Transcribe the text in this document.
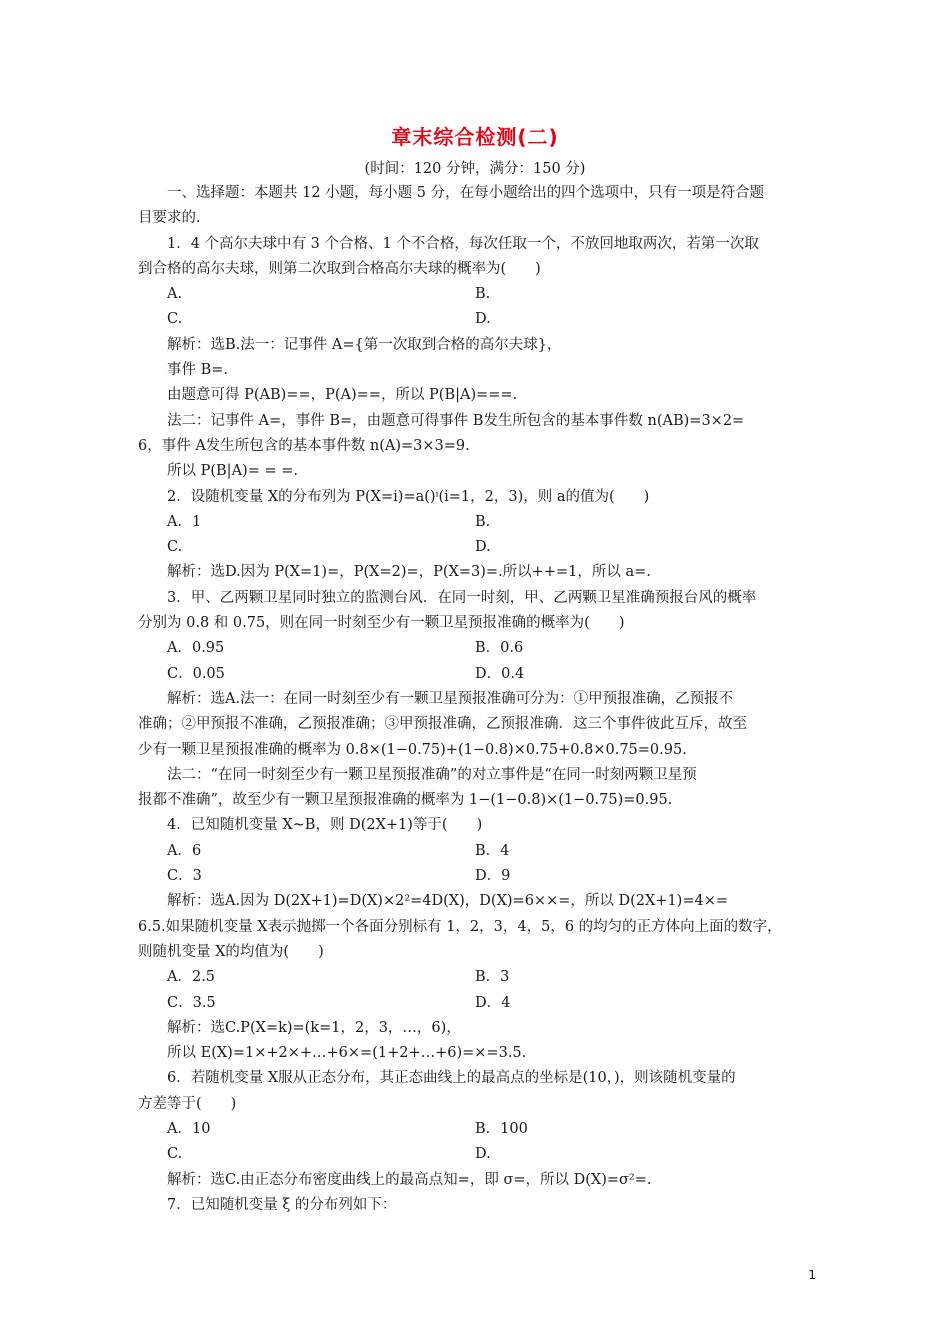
章末综合检测(二)
(时间：120 分钟，满分：150 分)
一、选择题：本题共 12 小题，每小题 5 分，在每小题给出的四个选项中，只有一项是符合题
目要求的.
1．4 个高尔夫球中有 3 个合格、1 个不合格，每次任取一个，不放回地取两次，若第一次取
到合格的高尔夫球，则第二次取到合格高尔夫球的概率为(　　)
A.	B.
C.	D.
解析：选B.法一：记事件 A={第一次取到合格的高尔夫球}，
事件 B=.
由题意可得 P(AB)==，P(A)==，所以 P(B|A)===.
法二：记事件 A=，事件 B=，由题意可得事件 B发生所包含的基本事件数 n(AB)=3×2=
6，事件 A发生所包含的基本事件数 n(A)=3×3=9.
所以 P(B|A)= = =.
2．设随机变量 X的分布列为 P(X=i)=a()ⁱ(i=1，2，3)，则 a的值为(　　)
A．1	B.
C.	D.
解析：选D.因为 P(X=1)=，P(X=2)=，P(X=3)=.所以++=1，所以 a=.
3．甲、乙两颗卫星同时独立的监测台风．在同一时刻，甲、乙两颗卫星准确预报台风的概率
分别为 0.8 和 0.75，则在同一时刻至少有一颗卫星预报准确的概率为(　　)
A．0.95	B．0.6
C．0.05	D．0.4
解析：选A.法一：在同一时刻至少有一颗卫星预报准确可分为：①甲预报准确，乙预报不
准确；②甲预报不准确，乙预报准确；③甲预报准确，乙预报准确．这三个事件彼此互斥，故至
少有一颗卫星预报准确的概率为 0.8×(1−0.75)+(1−0.8)×0.75+0.8×0.75=0.95.
法二：“在同一时刻至少有一颗卫星预报准确”的对立事件是“在同一时刻两颗卫星预
报都不准确”，故至少有一颗卫星预报准确的概率为 1−(1−0.8)×(1−0.75)=0.95.
4．已知随机变量 X~B，则 D(2X+1)等于(　　)
A．6	B．4
C．3	D．9
解析：选A.因为 D(2X+1)=D(X)×2²=4D(X)，D(X)=6××=，所以 D(2X+1)=4×=
6.5.如果随机变量 X表示抛掷一个各面分别标有 1，2，3，4，5，6 的均匀的正方体向上面的数字，
则随机变量 X的均值为(　　)
A．2.5	B．3
C．3.5	D．4
解析：选C.P(X=k)=(k=1，2，3，…，6)，
所以 E(X)=1×+2×+…+6×=(1+2+…+6)=×=3.5.
6．若随机变量 X服从正态分布，其正态曲线上的最高点的坐标是(10，)，则该随机变量的
方差等于(　　)
A．10	B．100
C.	D.
解析：选C.由正态分布密度曲线上的最高点知=，即 σ=，所以 D(X)=σ²=.
7．已知随机变量 ξ 的分布列如下：
1
